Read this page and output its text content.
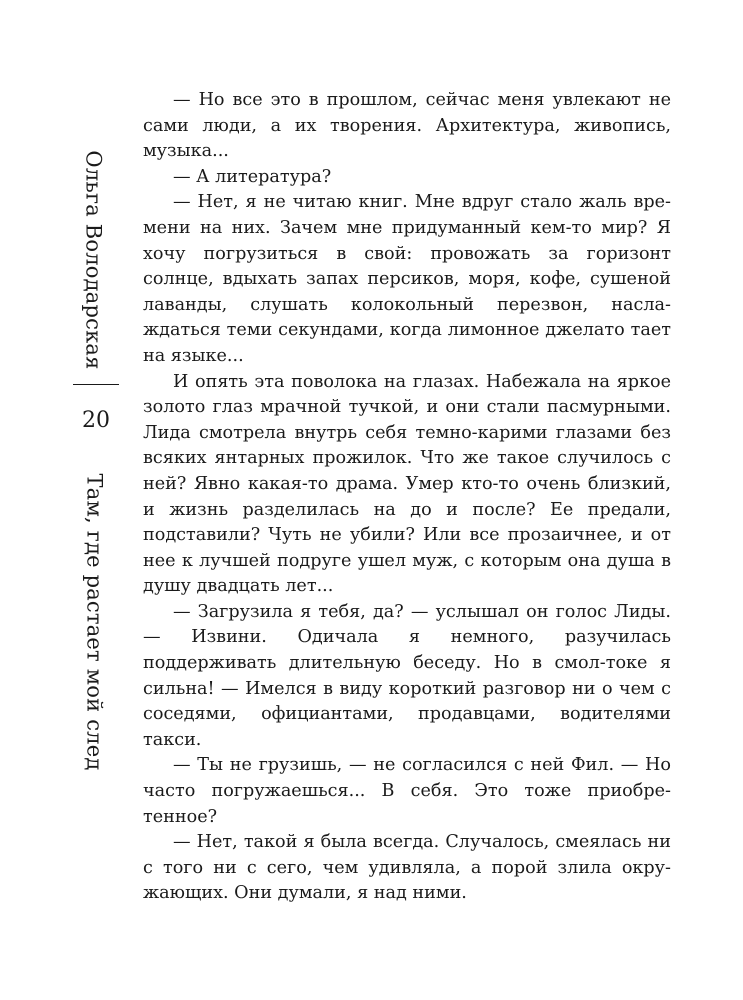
Ольга Володарская
20
Там, где растает мой след

— Но все это в прошлом, сейчас меня увлекают не сами люди, а их творения. Архитектура, живопись, музыка...

— А литература?

— Нет, я не читаю книг. Мне вдруг стало жаль времени на них. Зачем мне придуманный кем-то мир? Я хочу погрузиться в свой: провожать за горизонт солнце, вдыхать запах персиков, моря, кофе, сушеной лаванды, слушать колокольный перезвон, наслаждаться теми секундами, когда лимонное джелато тает на языке...

И опять эта поволока на глазах. Набежала на яркое золото глаз мрачной тучкой, и они стали пасмурными. Лида смотрела внутрь себя темно-карими глазами без всяких янтарных прожилок. Что же такое случилось с ней? Явно какая-то драма. Умер кто-то очень близкий, и жизнь разделилась на до и после? Ее предали, подставили? Чуть не убили? Или все прозаичнее, и от нее к лучшей подруге ушел муж, с которым она душа в душу двадцать лет...

— Загрузила я тебя, да? — услышал он голос Лиды. — Извини. Одичала я немного, разучилась поддерживать длительную беседу. Но в смол-токе я сильна! — Имелся в виду короткий разговор ни о чем с соседями, официантами, продавцами, водителями такси.

— Ты не грузишь, — не согласился с ней Фил. — Но часто погружаешься... В себя. Это тоже приобретенное?

— Нет, такой я была всегда. Случалось, смеялась ни с того ни с сего, чем удивляла, а порой злила окружающих. Они думали, я над ними.
